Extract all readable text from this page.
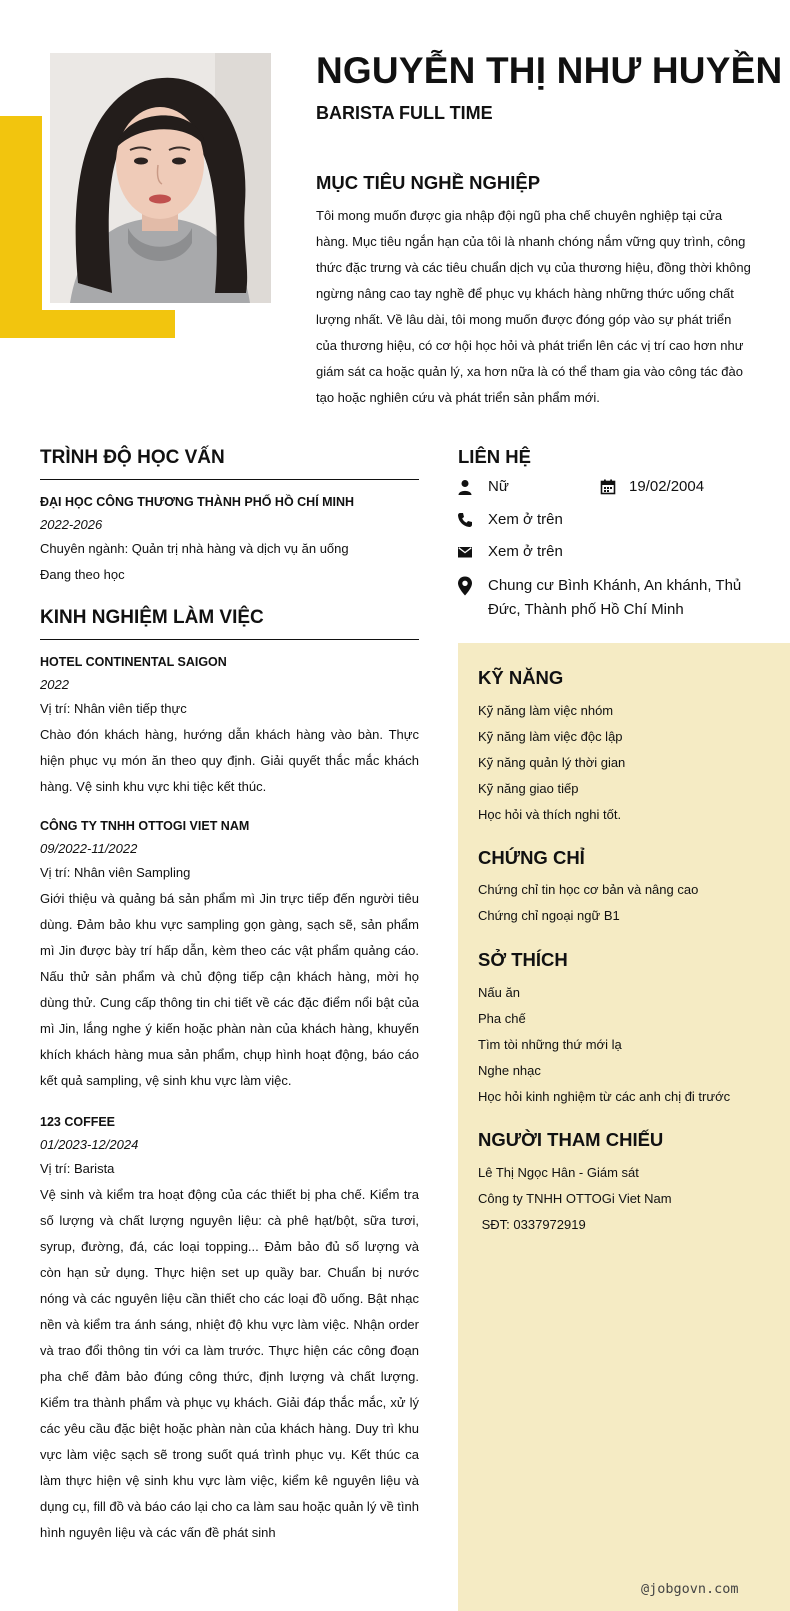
NGUYỄN THỊ NHƯ HUYỀN
BARISTA FULL TIME
MỤC TIÊU NGHỀ NGHIỆP
Tôi mong muốn được gia nhập đội ngũ pha chế chuyên nghiệp tại cửa hàng. Mục tiêu ngắn hạn của tôi là nhanh chóng nắm vững quy trình, công thức đặc trưng và các tiêu chuẩn dịch vụ của thương hiệu, đồng thời không ngừng nâng cao tay nghề để phục vụ khách hàng những thức uống chất lượng nhất. Về lâu dài, tôi mong muốn được đóng góp vào sự phát triển của thương hiệu, có cơ hội học hỏi và phát triển lên các vị trí cao hơn như giám sát ca hoặc quản lý, xa hơn nữa là có thể tham gia vào công tác đào tạo hoặc nghiên cứu và phát triển sản phẩm mới.
TRÌNH ĐỘ HỌC VẤN
ĐẠI HỌC CÔNG THƯƠNG THÀNH PHỐ HỒ CHÍ MINH
2022-2026
Chuyên ngành: Quản trị nhà hàng và dịch vụ ăn uống
Đang theo học
KINH NGHIỆM LÀM VIỆC
HOTEL CONTINENTAL SAIGON
2022
Vị trí: Nhân viên tiếp thực
Chào đón khách hàng, hướng dẫn khách hàng vào bàn. Thực hiện phục vụ món ăn theo quy định. Giải quyết thắc mắc khách hàng. Vệ sinh khu vực khi tiệc kết thúc.
CÔNG TY TNHH OTTOGI VIET NAM
09/2022-11/2022
Vị trí: Nhân viên Sampling
Giới thiệu và quảng bá sản phẩm mì Jin trực tiếp đến người tiêu dùng. Đảm bảo khu vực sampling gọn gàng, sạch sẽ, sản phẩm mì Jin được bày trí hấp dẫn, kèm theo các vật phẩm quảng cáo. Nấu thử sản phẩm và chủ động tiếp cận khách hàng, mời họ dùng thử. Cung cấp thông tin chi tiết về các đặc điểm nổi bật của mì Jin, lắng nghe ý kiến hoặc phàn nàn của khách hàng, khuyến khích khách hàng mua sản phẩm, chụp hình hoạt động, báo cáo kết quả sampling, vệ sinh khu vực làm việc.
123 COFFEE
01/2023-12/2024
Vị trí: Barista
Vệ sinh và kiểm tra hoạt động của các thiết bị pha chế. Kiểm tra số lượng và chất lượng nguyên liệu: cà phê hạt/bột, sữa tươi, syrup, đường, đá, các loại topping... Đảm bảo đủ số lượng và còn hạn sử dụng. Thực hiện set up quầy bar. Chuẩn bị nước nóng và các nguyên liệu cần thiết cho các loại đồ uống. Bật nhạc nền và kiểm tra ánh sáng, nhiệt độ khu vực làm việc. Nhận order và trao đổi thông tin với ca làm trước. Thực hiện các công đoạn pha chế đảm bảo đúng công thức, định lượng và chất lượng. Kiểm tra thành phẩm và phục vụ khách. Giải đáp thắc mắc, xử lý các yêu cầu đặc biệt hoặc phàn nàn của khách hàng. Duy trì khu vực làm việc sạch sẽ trong suốt quá trình phục vụ. Kết thúc ca làm thực hiện vệ sinh khu vực làm việc, kiểm kê nguyên liệu và dụng cụ, fill đồ và báo cáo lại cho ca làm sau hoặc quản lý về tình hình nguyên liệu và các vấn đề phát sinh
LIÊN HỆ
Nữ	19/02/2004
Xem ở trên
Xem ở trên
Chung cư Bình Khánh, An khánh, Thủ Đức, Thành phố Hồ Chí Minh
KỸ NĂNG
Kỹ năng làm việc nhóm
Kỹ năng làm việc độc lập
Kỹ năng quản lý thời gian
Kỹ năng giao tiếp
Học hỏi và thích nghi tốt.
CHỨNG CHỈ
Chứng chỉ tin học cơ bản và nâng cao
Chứng chỉ ngoại ngữ B1
SỞ THÍCH
Nấu ăn
Pha chế
Tìm tòi những thứ mới lạ
Nghe nhạc
Học hỏi kinh nghiệm từ các anh chị đi trước
NGƯỜI THAM CHIẾU
Lê Thị Ngọc Hân - Giám sát
Công ty TNHH OTTOGi Viet Nam
SĐT: 0337972919
@jobgovn.com
